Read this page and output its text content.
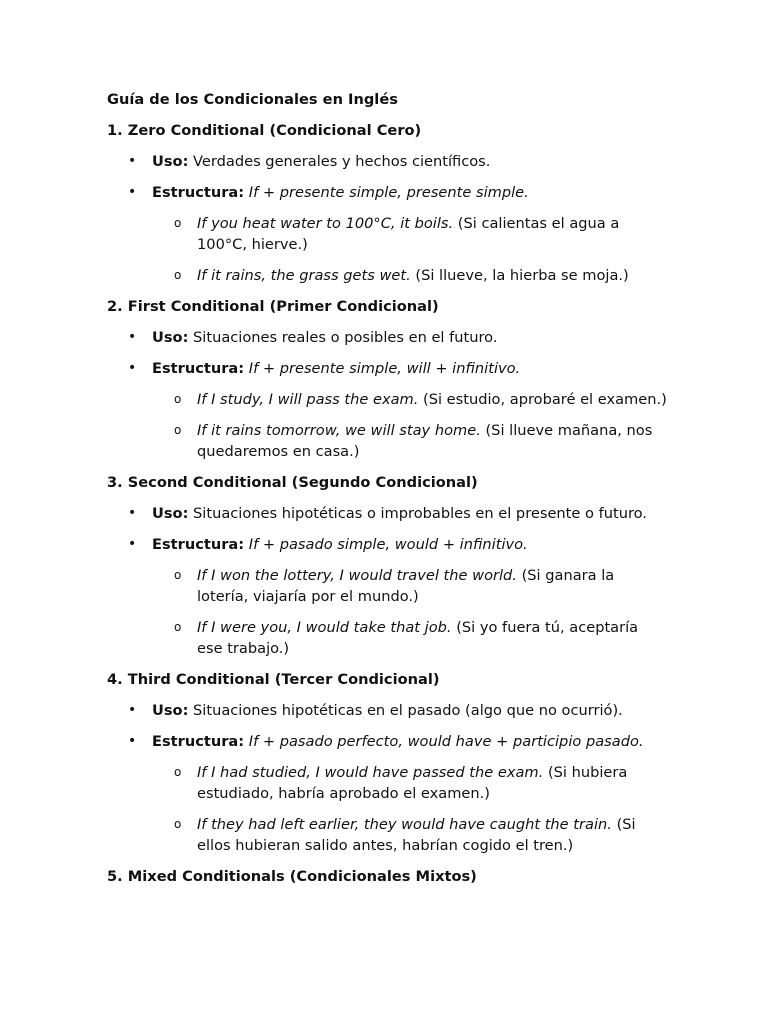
Guía de los Condicionales en Inglés
1. Zero Conditional (Condicional Cero)
• Uso: Verdades generales y hechos científicos.
• Estructura: If + presente simple, presente simple.
o If you heat water to 100°C, it boils. (Si calientas el agua a 100°C, hierve.)
o If it rains, the grass gets wet. (Si llueve, la hierba se moja.)
2. First Conditional (Primer Condicional)
• Uso: Situaciones reales o posibles en el futuro.
• Estructura: If + presente simple, will + infinitivo.
o If I study, I will pass the exam. (Si estudio, aprobaré el examen.)
o If it rains tomorrow, we will stay home. (Si llueve mañana, nos quedaremos en casa.)
3. Second Conditional (Segundo Condicional)
• Uso: Situaciones hipotéticas o improbables en el presente o futuro.
• Estructura: If + pasado simple, would + infinitivo.
o If I won the lottery, I would travel the world. (Si ganara la lotería, viajaría por el mundo.)
o If I were you, I would take that job. (Si yo fuera tú, aceptaría ese trabajo.)
4. Third Conditional (Tercer Condicional)
• Uso: Situaciones hipotéticas en el pasado (algo que no ocurrió).
• Estructura: If + pasado perfecto, would have + participio pasado.
o If I had studied, I would have passed the exam. (Si hubiera estudiado, habría aprobado el examen.)
o If they had left earlier, they would have caught the train. (Si ellos hubieran salido antes, habrían cogido el tren.)
5. Mixed Conditionals (Condicionales Mixtos)
